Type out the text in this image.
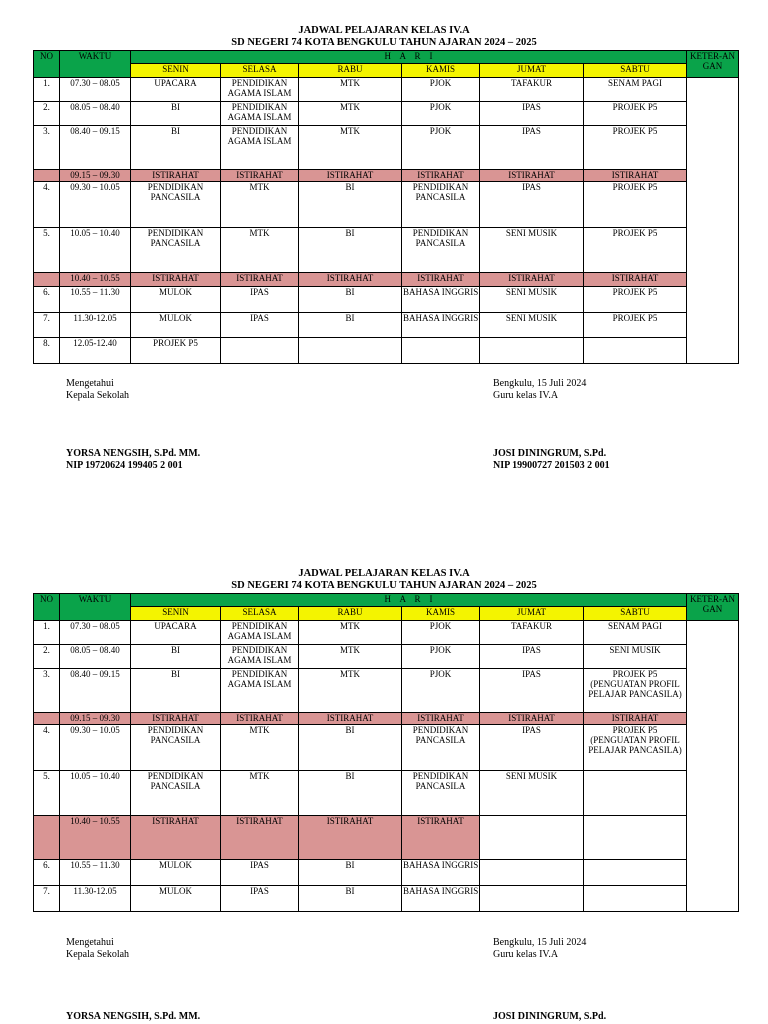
JADWAL PELAJARAN KELAS IV.A
SD NEGERI 74 KOTA BENGKULU TAHUN AJARAN 2024 – 2025
NO	WAKTU	H    A    R    I						KETER-ANGAN
		SENIN	SELASA	RABU	KAMIS	JUMAT	SABTU	
1.	07.30 – 08.05	UPACARA	PENDIDIKAN AGAMA ISLAM	MTK	PJOK	TAFAKUR	SENAM PAGI	
2.	08.05 – 08.40	BI	PENDIDIKAN AGAMA ISLAM	MTK	PJOK	IPAS	PROJEK P5	
3.	08.40 – 09.15	BI	PENDIDIKAN AGAMA ISLAM	MTK	PJOK	IPAS	PROJEK P5	
	09.15 – 09.30	ISTIRAHAT	ISTIRAHAT	ISTIRAHAT	ISTIRAHAT	ISTIRAHAT	ISTIRAHAT	
4.	09.30 – 10.05	PENDIDIKAN PANCASILA	MTK	BI	PENDIDIKAN PANCASILA	IPAS	PROJEK P5	
5.	10.05 – 10.40	PENDIDIKAN PANCASILA	MTK	BI	PENDIDIKAN PANCASILA	SENI MUSIK	PROJEK P5	
	10.40 – 10.55	ISTIRAHAT	ISTIRAHAT	ISTIRAHAT	ISTIRAHAT	ISTIRAHAT	ISTIRAHAT	
6.	10.55 – 11.30	MULOK	IPAS	BI	BAHASA INGGRIS	SENI MUSIK	PROJEK P5	
7.	11.30-12.05	MULOK	IPAS	BI	BAHASA INGGRIS	SENI MUSIK	PROJEK P5	
8.	12.05-12.40	PROJEK P5						
Mengetahui
Kepala Sekolah
YORSA NENGSIH, S.Pd. MM.
NIP 19720624 199405 2 001
Bengkulu, 15 Juli 2024
Guru kelas IV.A
JOSI DININGRUM, S.Pd.
NIP 19900727 201503 2 001
JADWAL PELAJARAN KELAS IV.A
SD NEGERI 74 KOTA BENGKULU TAHUN AJARAN 2024 – 2025
NO	WAKTU	H    A    R    I						KETER-ANGAN
		SENIN	SELASA	RABU	KAMIS	JUMAT	SABTU	
1.	07.30 – 08.05	UPACARA	PENDIDIKAN AGAMA ISLAM	MTK	PJOK	TAFAKUR	SENAM PAGI	
2.	08.05 – 08.40	BI	PENDIDIKAN AGAMA ISLAM	MTK	PJOK	IPAS	SENI MUSIK	
3.	08.40 – 09.15	BI	PENDIDIKAN AGAMA ISLAM	MTK	PJOK	IPAS	PROJEK P5 (PENGUATAN PROFIL PELAJAR PANCASILA)	
	09.15 – 09.30	ISTIRAHAT	ISTIRAHAT	ISTIRAHAT	ISTIRAHAT	ISTIRAHAT	ISTIRAHAT	
4.	09.30 – 10.05	PENDIDIKAN PANCASILA	MTK	BI	PENDIDIKAN PANCASILA	IPAS	PROJEK P5 (PENGUATAN PROFIL PELAJAR PANCASILA)	
5.	10.05 – 10.40	PENDIDIKAN PANCASILA	MTK	BI	PENDIDIKAN PANCASILA	SENI MUSIK		
	10.40 – 10.55	ISTIRAHAT	ISTIRAHAT	ISTIRAHAT	ISTIRAHAT			
6.	10.55 – 11.30	MULOK	IPAS	BI	BAHASA INGGRIS			
7.	11.30-12.05	MULOK	IPAS	BI	BAHASA INGGRIS			
Mengetahui
Kepala Sekolah
YORSA NENGSIH, S.Pd. MM.
Bengkulu, 15 Juli 2024
Guru kelas IV.A
JOSI DININGRUM, S.Pd.
